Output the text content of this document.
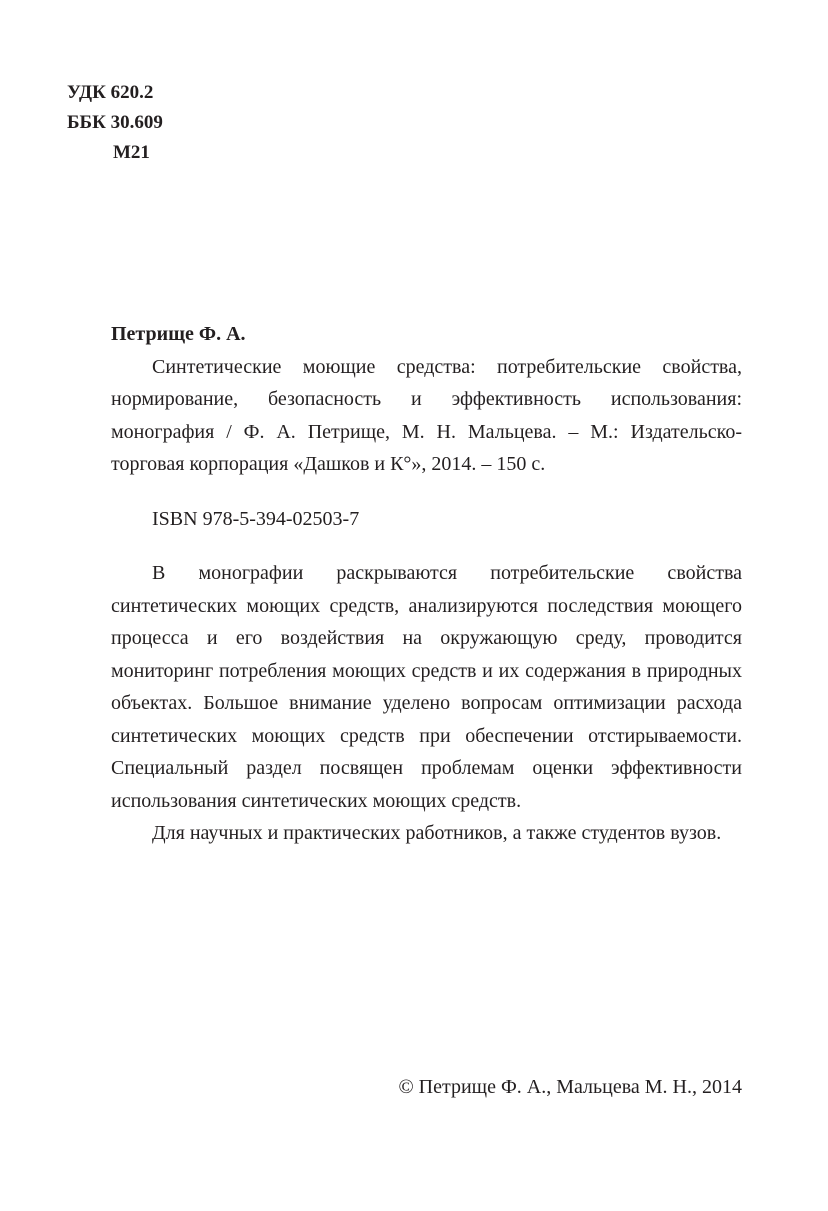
УДК 620.2
ББК 30.609
М21

Петрище Ф. А.

Синтетические моющие средства: потребительские свойства, нормирование, безопасность и эффективность использования: монография / Ф. А. Петрище, М. Н. Мальцева. – М.: Издательско-торговая корпорация «Дашков и К°», 2014. – 150 с.

ISBN 978-5-394-02503-7

В монографии раскрываются потребительские свойства синтетических моющих средств, анализируются последствия моющего процесса и его воздействия на окружающую среду, проводится мониторинг потребления моющих средств и их содержания в природных объектах. Большое внимание уделено вопросам оптимизации расхода синтетических моющих средств при обеспечении отстирываемости. Специальный раздел посвящен проблемам оценки эффективности использования синтетических моющих средств.

Для научных и практических работников, а также студентов вузов.

© Петрище Ф. А., Мальцева М. Н., 2014
